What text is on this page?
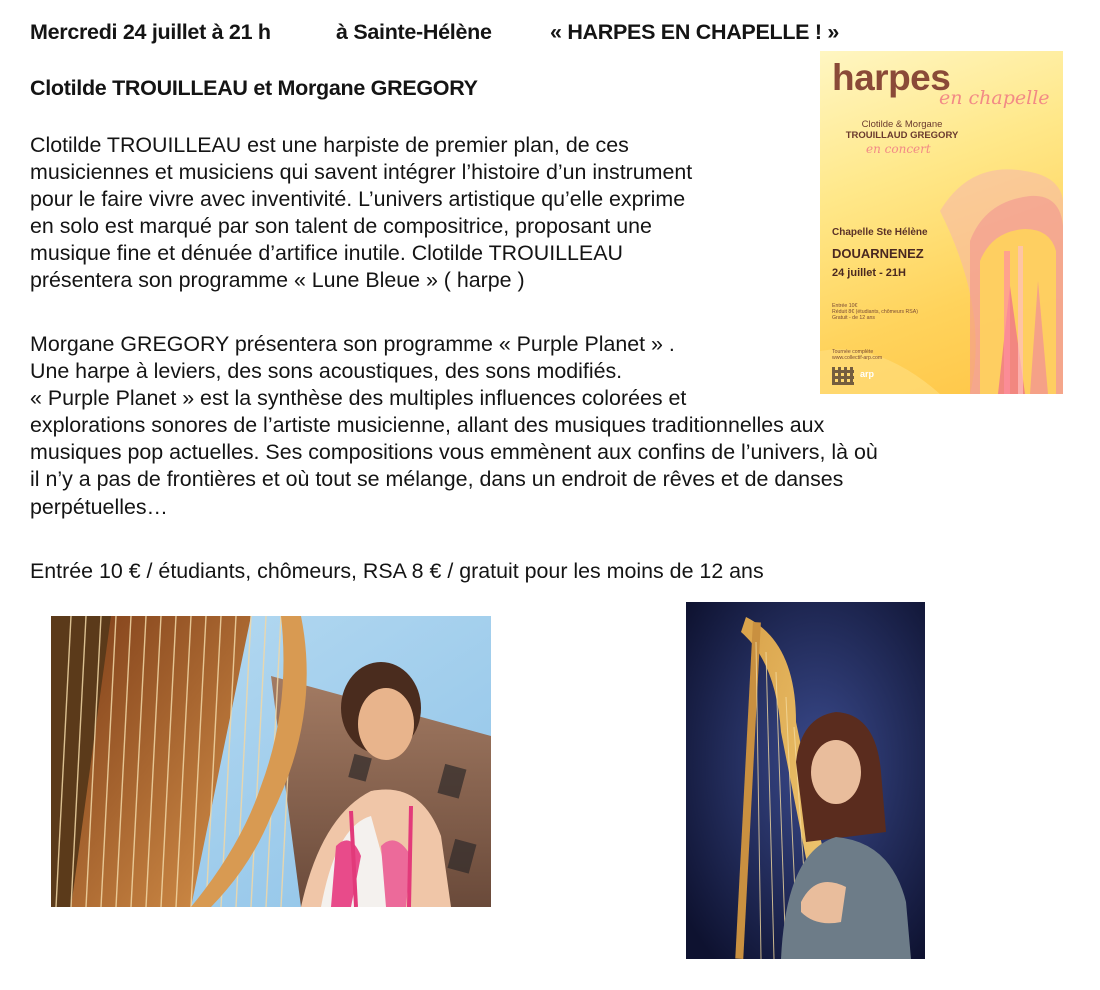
Mercredi 24 juillet à 21 h	à Sainte-Hélène	« HARPES EN CHAPELLE ! »
Clotilde TROUILLEAU et Morgane GREGORY
Clotilde TROUILLEAU est une harpiste de premier plan, de ces
musiciennes et musiciens qui savent intégrer l’histoire d’un instrument
pour le faire vivre avec inventivité. L’univers artistique qu’elle exprime
en solo est marqué par son talent de compositrice, proposant une
musique fine et dénuée d’artifice inutile. Clotilde TROUILLEAU
présentera son programme « Lune Bleue » ( harpe )
Morgane GREGORY présentera son programme « Purple Planet » .
Une harpe à leviers, des sons acoustiques, des sons modifiés.
« Purple Planet » est la synthèse des multiples influences colorées et
explorations sonores de l’artiste musicienne, allant des musiques traditionnelles aux
musiques pop actuelles. Ses compositions vous emmènent aux confins de l’univers, là où
il n’y a pas de frontières et où tout se mélange, dans un endroit de rêves et de danses
perpétuelles…
Entrée 10 € / étudiants, chômeurs, RSA 8 € / gratuit pour les moins de 12 ans
harpes
en chapelle
Clotilde & Morgane
TROUILLAUD GREGORY
en concert
Chapelle Ste Hélène
DOUARNENEZ
24 juillet - 21H
Entrée 10€
Réduit 8€ (étudiants, chômeurs RSA)
Gratuit - de 12 ans
Tournée complète
www.collectif-arp.com
arp
